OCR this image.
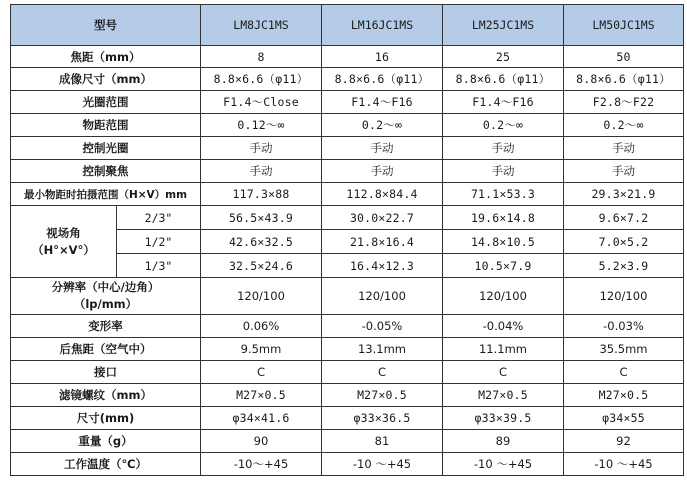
型号		LM8JC1MS	LM16JC1MS	LM25JC1MS	LM50JC1MS
焦距（mm）		8	16	25	50
成像尺寸（mm）		8.8×6.6（φ11）	8.8×6.6（φ11）	8.8×6.6（φ11）	8.8×6.6（φ11）
光圈范围		F1.4～Close	F1.4～F16	F1.4～F16	F2.8～F22
物距范围		0.12～∞	0.2～∞	0.2～∞	0.2～∞
控制光圈		手动	手动	手动	手动
控制聚焦		手动	手动	手动	手动
最小物距时拍摄范围（H×V）mm		117.3×88	112.8×84.4	71.1×53.3	29.3×21.9

视场角
（H°×V°）	2/3"	56.5×43.9	30.0×22.7	19.6×14.8	9.6×7.2
	1/2"	42.6×32.5	21.8×16.4	14.8×10.5	7.0×5.2
	1/3"	32.5×24.6	16.4×12.3	10.5×7.9	5.2×3.9

分辨率（中心/边角）
（lp/mm）		120/100	120/100	120/100	120/100
变形率		0.06%	-0.05%	-0.04%	-0.03%
后焦距（空气中）		9.5mm	13.1mm	11.1mm	35.5mm
接口		C	C	C	C
滤镜螺纹（mm）		M27×0.5	M27×0.5	M27×0.5	M27×0.5
尺寸(mm)		φ34×41.6	φ33×36.5	φ33×39.5	φ34×55
重量（g）		90	81	89	92
工作温度（℃）		-10～+45	-10 ～+45	-10 ～+45	-10 ～+45
